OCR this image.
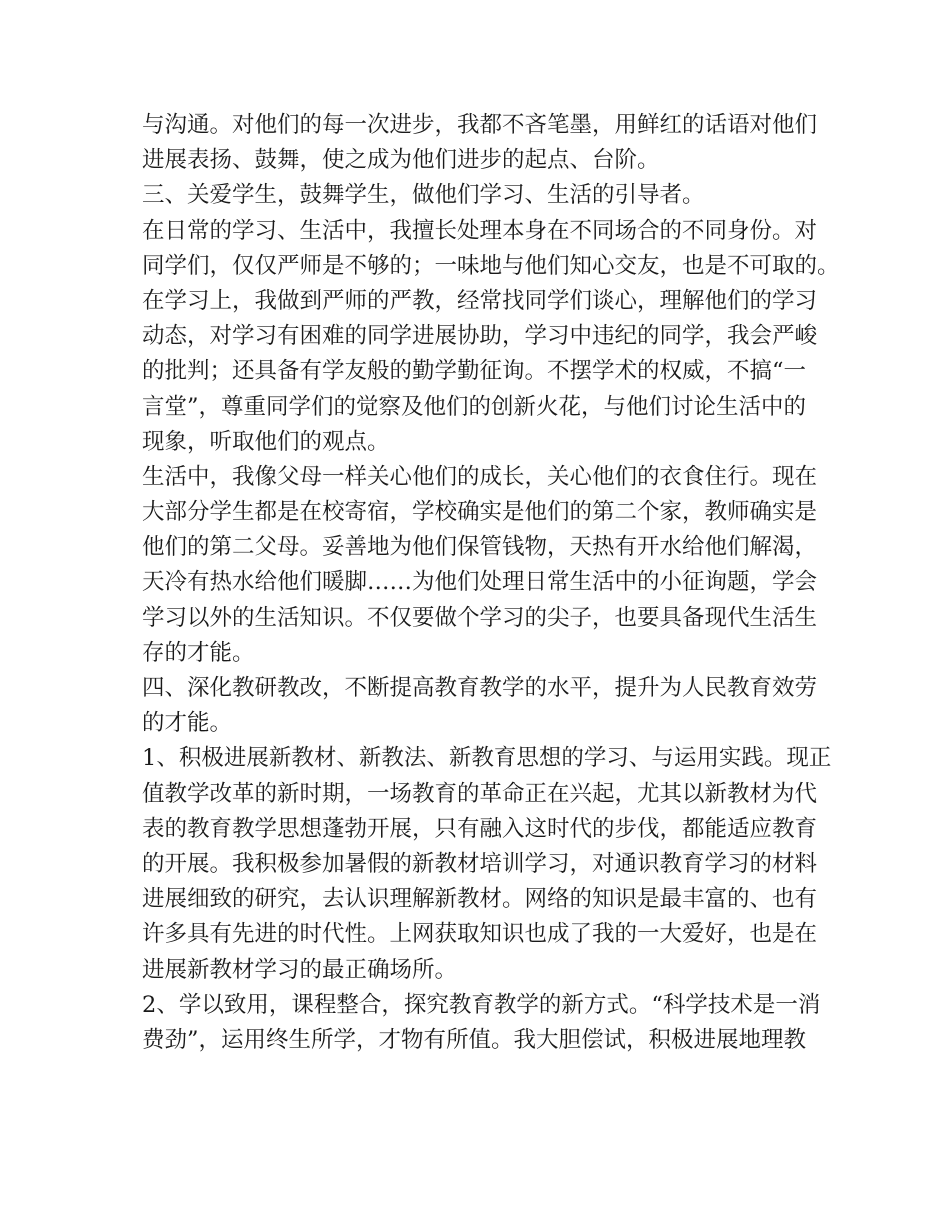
与沟通。对他们的每一次进步，我都不吝笔墨，用鲜红的话语对他们
进展表扬、鼓舞，使之成为他们进步的起点、台阶。
三、关爱学生，鼓舞学生，做他们学习、生活的引导者。
在日常的学习、生活中，我擅长处理本身在不同场合的不同身份。对
同学们，仅仅严师是不够的；一味地与他们知心交友，也是不可取的。
在学习上，我做到严师的严教，经常找同学们谈心，理解他们的学习
动态，对学习有困难的同学进展协助，学习中违纪的同学，我会严峻
的批判；还具备有学友般的勤学勤征询。不摆学术的权威，不搞“一
言堂”，尊重同学们的觉察及他们的创新火花，与他们讨论生活中的
现象，听取他们的观点。
生活中，我像父母一样关心他们的成长，关心他们的衣食住行。现在
大部分学生都是在校寄宿，学校确实是他们的第二个家，教师确实是
他们的第二父母。妥善地为他们保管钱物，天热有开水给他们解渴，
天冷有热水给他们暖脚……为他们处理日常生活中的小征询题，学会
学习以外的生活知识。不仅要做个学习的尖子，也要具备现代生活生
存的才能。
四、深化教研教改，不断提高教育教学的水平，提升为人民教育效劳
的才能。
1、积极进展新教材、新教法、新教育思想的学习、与运用实践。现正
值教学改革的新时期，一场教育的革命正在兴起，尤其以新教材为代
表的教育教学思想蓬勃开展，只有融入这时代的步伐，都能适应教育
的开展。我积极参加暑假的新教材培训学习，对通识教育学习的材料
进展细致的研究，去认识理解新教材。网络的知识是最丰富的、也有
许多具有先进的时代性。上网获取知识也成了我的一大爱好，也是在
进展新教材学习的最正确场所。
2、学以致用，课程整合，探究教育教学的新方式。“科学技术是一消
费劲”，运用终生所学，才物有所值。我大胆偿试，积极进展地理教
